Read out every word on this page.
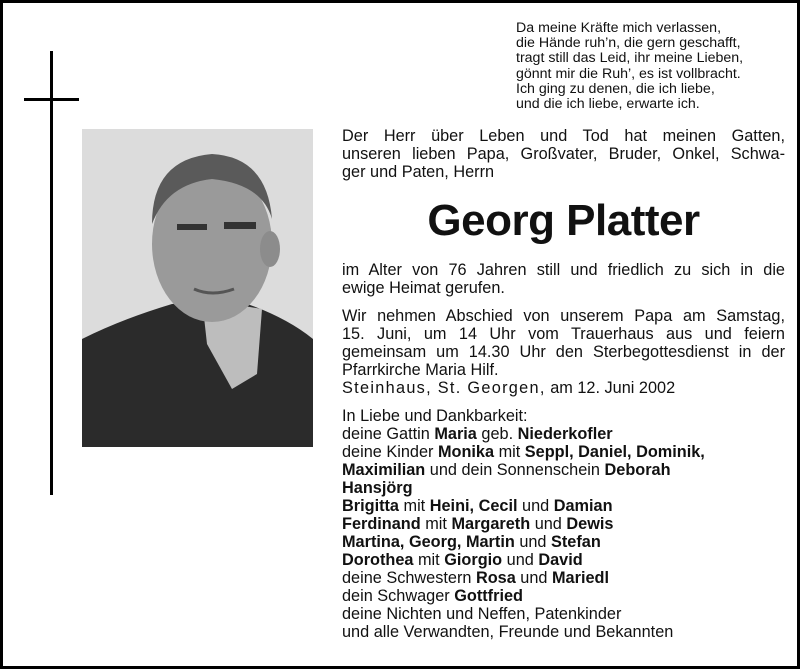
Da meine Kräfte mich verlassen,
die Hände ruh’n, die gern geschafft,
tragt still das Leid, ihr meine Lieben,
gönnt mir die Ruh’, es ist vollbracht.
Ich ging zu denen, die ich liebe,
und die ich liebe, erwarte ich.
Der Herr über Leben und Tod hat meinen Gatten,
unseren lieben Papa, Großvater, Bruder, Onkel, Schwa-
ger und Paten, Herrn
Georg Platter
im Alter von 76 Jahren still und friedlich zu sich in die
ewige Heimat gerufen.
Wir nehmen Abschied von unserem Papa am Samstag,
15. Juni, um 14 Uhr vom Trauerhaus aus und feiern
gemeinsam um 14.30 Uhr den Sterbegottesdienst in der
Pfarrkirche Maria Hilf.
Steinhaus, St. Georgen, am 12. Juni 2002
In Liebe und Dankbarkeit:
deine Gattin Maria geb. Niederkofler
deine Kinder Monika mit Seppl, Daniel, Dominik,
Maximilian und dein Sonnenschein Deborah
Hansjörg
Brigitta mit Heini, Cecil und Damian
Ferdinand mit Margareth und Dewis
Martina, Georg, Martin und Stefan
Dorothea mit Giorgio und David
deine Schwestern Rosa und Mariedl
dein Schwager Gottfried
deine Nichten und Neffen, Patenkinder
und alle Verwandten, Freunde und Bekannten
